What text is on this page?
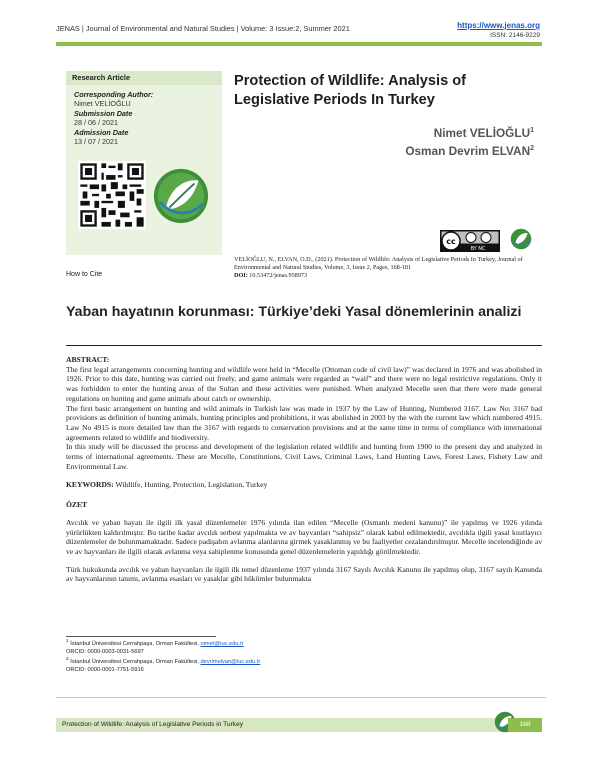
JENAS | Journal of Environmental and Natural Studies | Volume: 3 Issue:2, Summer 2021	https://www.jenas.org
ISSN: 2146-9229
Research Article
Corresponding Author:
Nimet VELİOĞLU
Submission Date
28 / 06 / 2021
Admission Date
13 / 07 / 2021
Protection of Wildlife: Analysis of Legislative Periods In Turkey
Nimet VELİOĞLU$^1$
Osman Devrim ELVAN$^2$
cc
BY NC
How to Cite
VELİOĞLU, N., ELVAN, O.D., (2021). Protection of Wildlife: Analysis of Legislative Periods In Turkey, Journal of Environmental and Natural Studies, Volume, 3, Issue 2, Pages, 168-181
DOI: 10.53472/jenas.958973
Yaban hayatının korunması: Türkiye’deki Yasal dönemlerinin analizi
ABSTRACT:
The first legal arrangements concerning hunting and wildlife were held in “Mecelle (Ottoman code of civil law)” was declared in 1976 and was abolished in 1926. Prior to this date, hunting was carried out freely, and game animals were regarded as “waif” and there were no legal restrictive regulations. Only it was forbidden to enter the hunting areas of the Sultan and these activities were punished. When analyzed Mecelle seen that there were made general regulations on hunting and game animals about catch or ownership.
The first basic arrangement on hunting and wild animals in Turkish law was made in 1937 by the Law of Hunting, Numbered 3167. Law No: 3167 had provisions as definition of hunting animals, hunting principles and prohibitions, it was abolished in 2003 by the with the current law which numbered 4915. Law No 4915 is more detailed law than the 3167 with regards to conservation provisions and at the same time in terms of compliance with international agreements related to wildlife and biodiversity.
In this study will be discussed the process and development of the legislation related wildlife and hunting from 1900 to the present day and analyzed in terms of international agreements. These are Mecelle, Constitutions, Civil Laws, Criminal Laws, Land Hunting Laws, Forest Laws, Fishery Law and Environmental Law.
KEYWORDS: Wildlife, Hunting, Protection, Legislation, Turkey
ÖZET
Avcılık ve yaban hayatı ile ilgili ilk yasal düzenlemeler 1976 yılında ilan edilen “Mecelle (Osmanlı medeni kanunu)” ile yapılmış ve 1926 yılında yürürlükten kaldırılmıştır. Bu tarihe kadar avcılık serbest yapılmakta ve av hayvanları “sahipsiz” olarak kabul edilmektedir, avcılıkla ilgili yasal kısıtlayıcı düzenlemeler de bulunmamaktadır. Sadece padişahın avlanma alanlarına girmek yasaklanmış ve bu faaliyetler cezalandırılmıştır. Mecelle incelendiğinde av ve av hayvanları ile ilgili olarak avlanma veya sahiplenme konusunda genel düzenlemelerin yapıldığı görülmektedir.
Türk hukukunda avcılık ve yaban hayvanları ile ilgili ilk temel düzenleme 1937 yılında 3167 Sayılı Avcılık Kanunu ile yapılmış olup, 3167 sayılı Kanunda av hayvanlarının tanımı, avlanma esasları ve yasaklar gibi hükümler bulunmakta
$^1$ İstanbul Üniversitesi Cerrahpaşa, Orman Fakültesi, nimet@iuc.edu.tr
ORCID: 0000-0003-0031-5697
$^2$ İstanbul Üniversitesi Cerrahpaşa, Orman Fakültesi, devrimelvan@iuc.edu.tr
ORCID: 0000-0001-7751-5916
Protection of Wildlife: Analysis of Legislative Periods in Turkey	168
